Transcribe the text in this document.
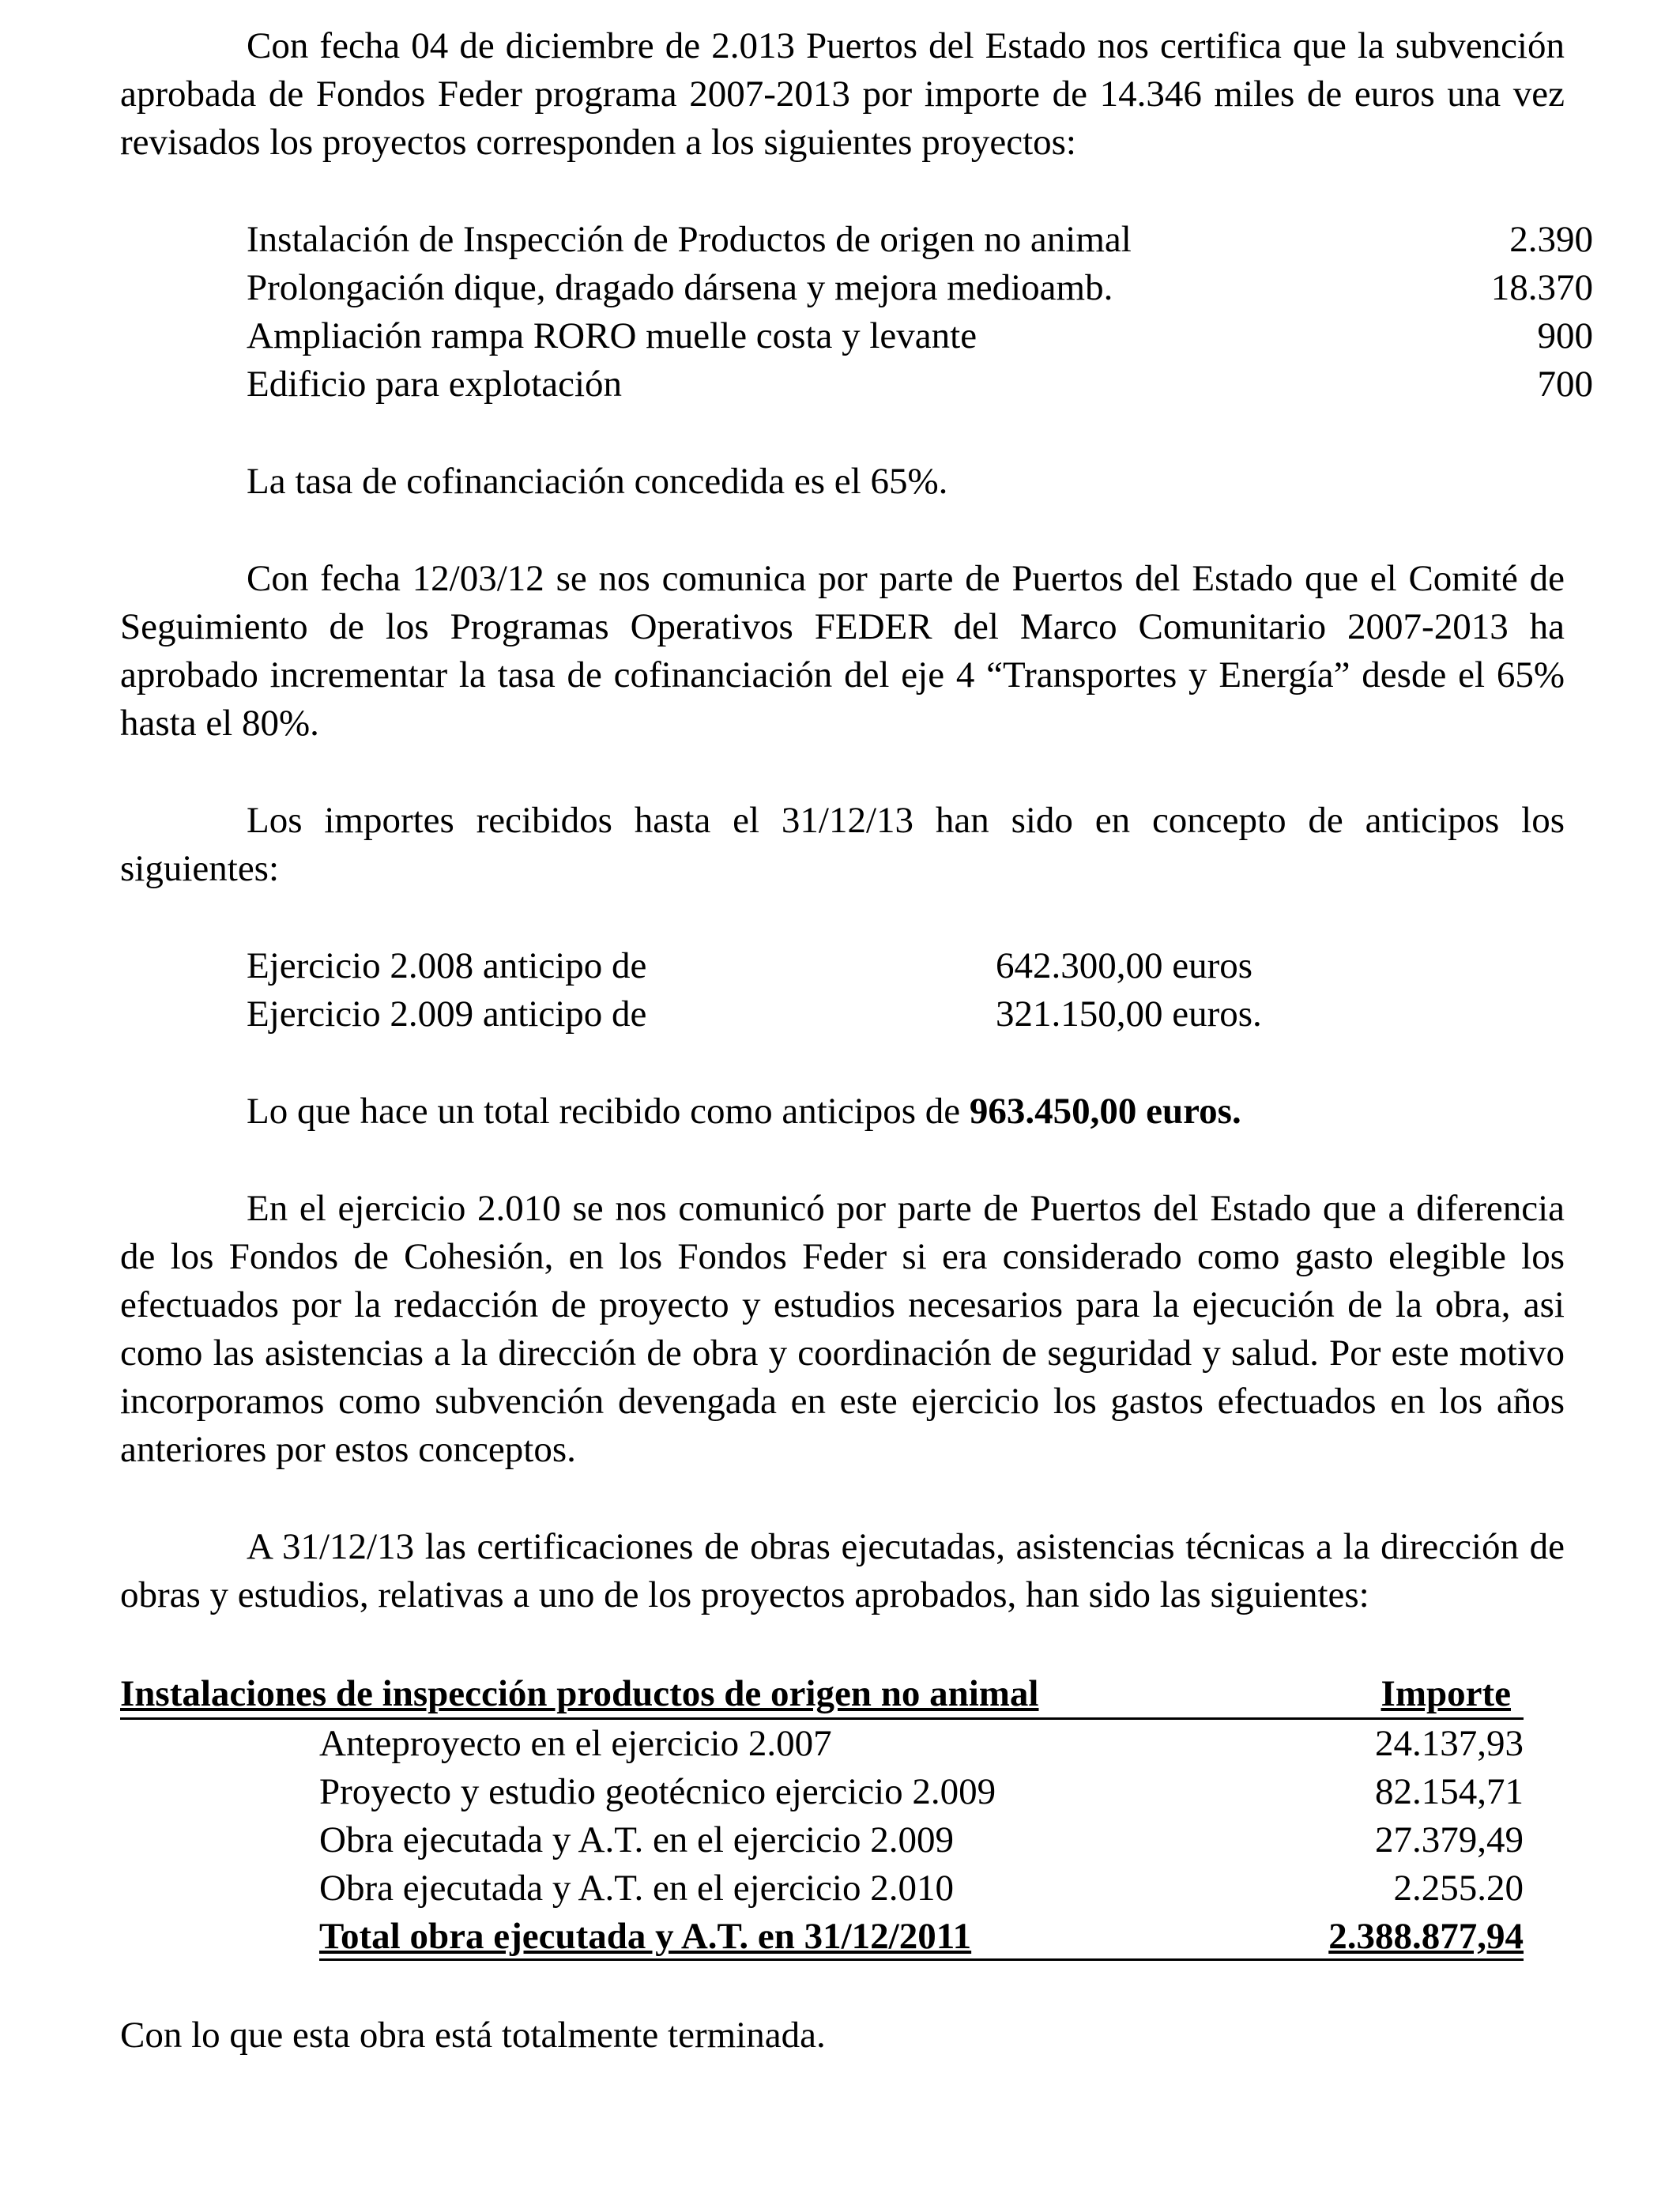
Con fecha 04 de diciembre de 2.013 Puertos del Estado nos certifica que la subvención aprobada de Fondos Feder programa 2007-2013 por importe de 14.346 miles de euros una vez revisados los proyectos corresponden a los siguientes proyectos:

Instalación de Inspección de Productos de origen no animal	2.390
Prolongación dique, dragado dársena y mejora medioamb.	18.370
Ampliación rampa RORO muelle costa y levante	900
Edificio para explotación	700

La tasa de cofinanciación concedida es el 65%.

Con fecha 12/03/12 se nos comunica por parte de Puertos del Estado que el Comité de Seguimiento de los Programas Operativos FEDER del Marco Comunitario 2007-2013 ha aprobado incrementar la tasa de cofinanciación del eje 4 “Transportes y Energía” desde el 65% hasta el 80%.

Los importes recibidos hasta el 31/12/13 han sido en concepto de anticipos los siguientes:

Ejercicio 2.008 anticipo de	642.300,00 euros
Ejercicio 2.009 anticipo de	321.150,00 euros.

Lo que hace un total recibido como anticipos de 963.450,00 euros.

En el ejercicio 2.010 se nos comunicó por parte de Puertos del Estado que a diferencia de los Fondos de Cohesión, en los Fondos Feder si era considerado como gasto elegible los efectuados por la redacción de proyecto y estudios necesarios para la ejecución de la obra, asi como las asistencias a la dirección de obra y coordinación de seguridad y salud. Por este motivo incorporamos como subvención devengada en este ejercicio los gastos efectuados en los años anteriores por estos conceptos.

A 31/12/13 las certificaciones de obras ejecutadas, asistencias técnicas a la dirección de obras y estudios, relativas a uno de los proyectos aprobados, han sido las siguientes:

Instalaciones de inspección productos de origen no animal	Importe
Anteproyecto en el ejercicio 2.007	24.137,93
Proyecto y estudio geotécnico ejercicio 2.009	82.154,71
Obra ejecutada y A.T. en el ejercicio 2.009	27.379,49
Obra ejecutada y A.T. en el ejercicio 2.010	2.255.20
Total obra ejecutada y A.T. en 31/12/2011	2.388.877,94

Con lo que esta obra está totalmente terminada.
